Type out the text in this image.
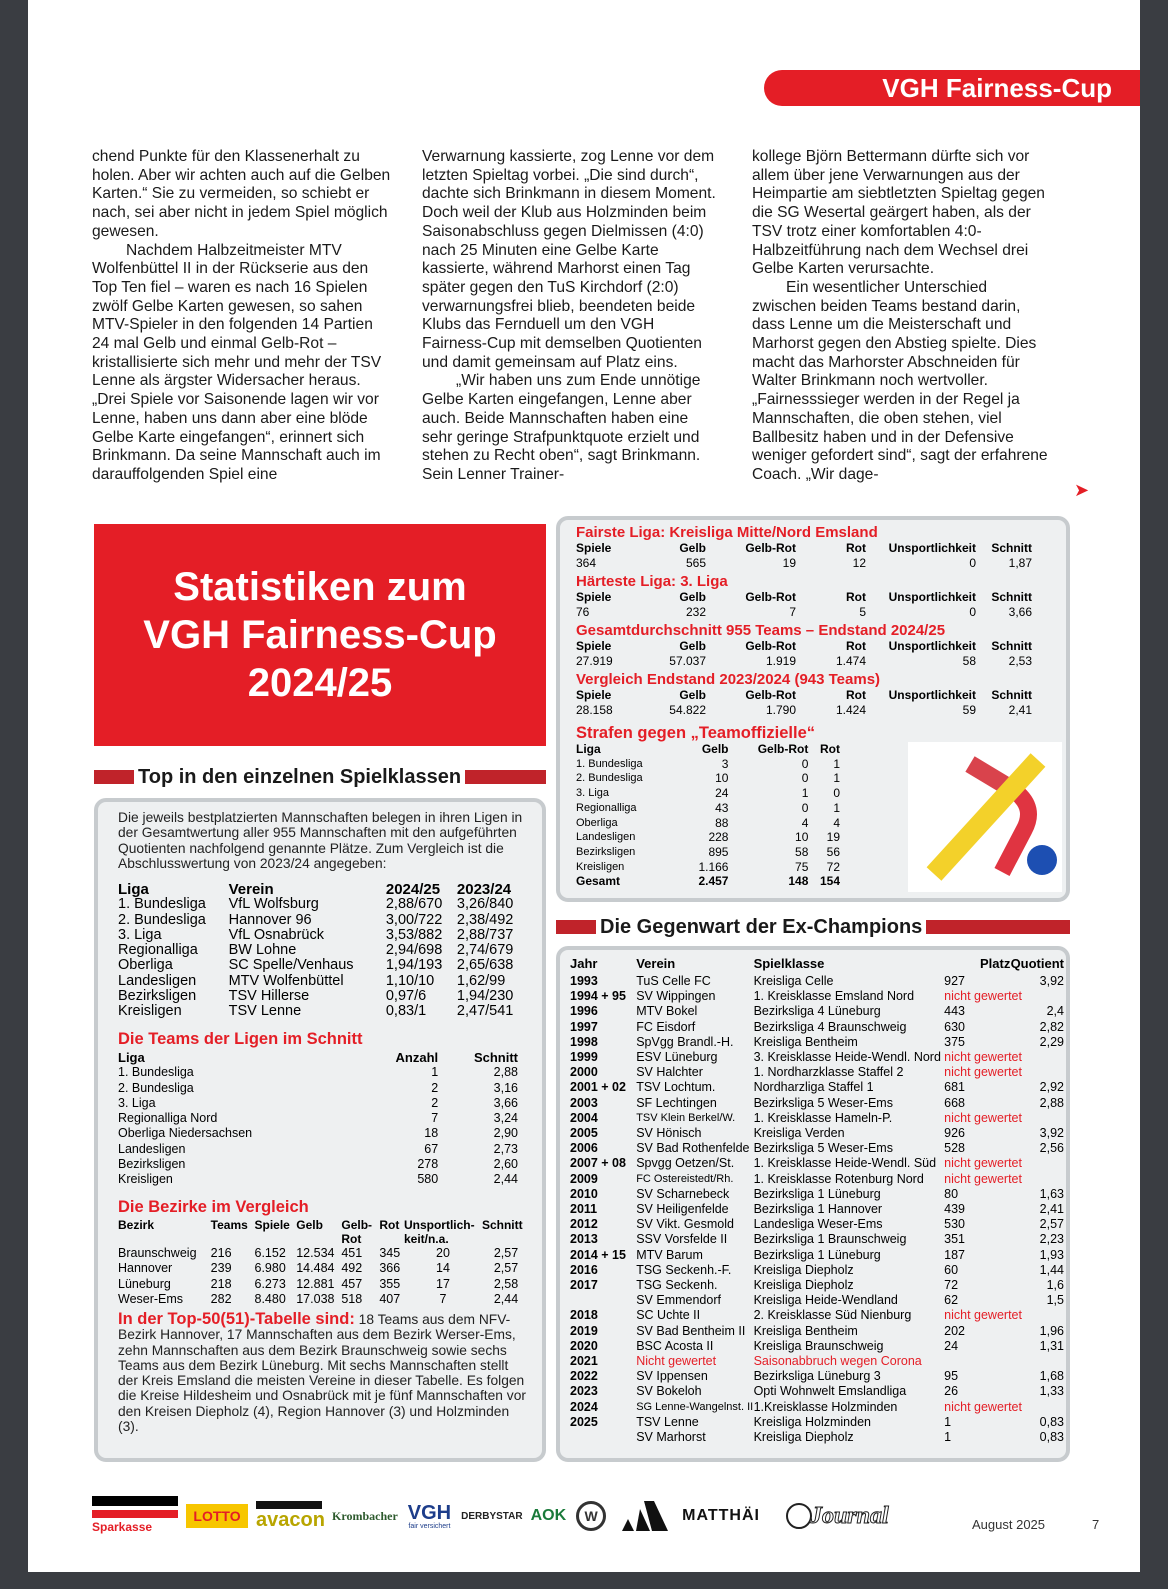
VGH Fairness-Cup

chend Punkte für den Klassenerhalt zu holen. Aber wir achten auch auf die Gelben Karten.“ Sie zu vermeiden, so schiebt er nach, sei aber nicht in jedem Spiel möglich gewesen.

Nachdem Halbzeitmeister MTV Wolfenbüttel II in der Rückserie aus den Top Ten fiel – waren es nach 16 Spielen zwölf Gelbe Karten gewesen, so sahen MTV-Spieler in den folgenden 14 Partien 24 mal Gelb und einmal Gelb-Rot – kristallisierte sich mehr und mehr der TSV Lenne als ärgster Widersacher heraus. „Drei Spiele vor Saisonende lagen wir vor Lenne, haben uns dann aber eine blöde Gelbe Karte eingefangen“, erinnert sich Brinkmann. Da seine Mannschaft auch im darauffolgenden Spiel eine

Verwarnung kassierte, zog Lenne vor dem letzten Spieltag vorbei. „Die sind durch“, dachte sich Brinkmann in diesem Moment. Doch weil der Klub aus Holzminden beim Saisonabschluss gegen Dielmissen (4:0) nach 25 Minuten eine Gelbe Karte kassierte, während Marhorst einen Tag später gegen den TuS Kirchdorf (2:0) verwarnungsfrei blieb, beendeten beide Klubs das Fernduell um den VGH Fairness-Cup mit demselben Quotienten und damit gemeinsam auf Platz eins.

„Wir haben uns zum Ende unnötige Gelbe Karten eingefangen, Lenne aber auch. Beide Mannschaften haben eine sehr geringe Strafpunktquote erzielt und stehen zu Recht oben“, sagt Brinkmann. Sein Lenner Trainer-

kollege Björn Bettermann dürfte sich vor allem über jene Verwarnungen aus der Heimpartie am siebtletzten Spieltag gegen die SG Wesertal geärgert haben, als der TSV trotz einer komfortablen 4:0-Halbzeitführung nach dem Wechsel drei Gelbe Karten verursachte.

Ein wesentlicher Unterschied zwischen beiden Teams bestand darin, dass Lenne um die Meisterschaft und Marhorst gegen den Abstieg spielte. Dies macht das Marhorster Abschneiden für Walter Brinkmann noch wertvoller. „Fairnesssieger werden in der Regel ja Mannschaften, die oben stehen, viel Ballbesitz haben und in der Defensive weniger gefordert sind“, sagt der erfahrene Coach. „Wir dage-

➤
Statistiken zum
VGH Fairness-Cup
2024/25
Top in den einzelnen Spielklassen
Die jeweils bestplatzierten Mannschaften belegen in ihren Ligen in der Gesamtwertung aller 955 Mannschaften mit den aufgeführten Quotienten nachfolgend genannte Plätze. Zum Vergleich ist die Abschlusswertung von 2023/24 angegeben:
Liga	Verein	2024/25	2023/24
1. Bundesliga	VfL Wolfsburg	2,88/670	3,26/840
2. Bundesliga	Hannover 96	3,00/722	2,38/492
3. Liga	VfL Osnabrück	3,53/882	2,88/737
Regionalliga	BW Lohne	2,94/698	2,74/679
Oberliga	SC Spelle/Venhaus	1,94/193	2,65/638
Landesligen	MTV Wolfenbüttel	1,10/10	1,62/99
Bezirksligen	TSV Hillerse	0,97/6	1,94/230
Kreisligen	TSV Lenne	0,83/1	2,47/541
Die Teams der Ligen im Schnitt
Liga	Anzahl	Schnitt
1. Bundesliga	1	2,88
2. Bundesliga	2	3,16
3. Liga	2	3,66
Regionalliga Nord	7	3,24
Oberliga Niedersachsen	18	2,90
Landesligen	67	2,73
Bezirksligen	278	2,60
Kreisligen	580	2,44
Die Bezirke im Vergleich
Bezirk	Teams	Spiele	Gelb	Gelb-Rot	Rot	Unsportlich-keit/n.a.	Schnitt
Braunschweig	216	6.152	12.534	451	345	20	2,57
Hannover	239	6.980	14.484	492	366	14	2,57
Lüneburg	218	6.273	12.881	457	355	17	2,58
Weser-Ems	282	8.480	17.038	518	407	7	2,44
In der Top-50(51)-Tabelle sind: 18 Teams aus dem NFV-Bezirk Hannover, 17 Mannschaften aus dem Bezirk Werser-Ems, zehn Mannschaften aus dem Bezirk Braunschweig sowie sechs Teams aus dem Bezirk Lüneburg. Mit sechs Mannschaften stellt der Kreis Emsland die meisten Vereine in dieser Tabelle. Es folgen die Kreise Hildesheim und Osnabrück mit je fünf Mannschaften vor den Kreisen Diepholz (4), Region Hannover (3) und Holzminden (3).
Fairste Liga: Kreisliga Mitte/Nord Emsland
Spiele	Gelb	Gelb-Rot	Rot	Unsportlichkeit	Schnitt
364	565	19	12	0	1,87
Härteste Liga: 3. Liga
Spiele	Gelb	Gelb-Rot	Rot	Unsportlichkeit	Schnitt
76	232	7	5	0	3,66
Gesamtdurchschnitt 955 Teams – Endstand 2024/25
Spiele	Gelb	Gelb-Rot	Rot	Unsportlichkeit	Schnitt
27.919	57.037	1.919	1.474	58	2,53
Vergleich Endstand 2023/2024 (943 Teams)
Spiele	Gelb	Gelb-Rot	Rot	Unsportlichkeit	Schnitt
28.158	54.822	1.790	1.424	59	2,41
Strafen gegen „Teamoffizielle“
Liga	Gelb	Gelb-Rot	Rot
1. Bundesliga	3	0	1
2. Bundesliga	10	0	1
3. Liga	24	1	0
Regionalliga	43	0	1
Oberliga	88	4	4
Landesligen	228	10	19
Bezirksligen	895	58	56
Kreisligen	1.166	75	72
Gesamt	2.457	148	154
Die Gegenwart der Ex-Champions
Jahr	Verein	Spielklasse	Platz	Quotient
1993	TuS Celle FC	Kreisliga Celle	927	3,92
1994 + 95	SV Wippingen	1. Kreisklasse Emsland Nord	nicht gewertet	
1996	MTV Bokel	Bezirksliga 4 Lüneburg	443	2,4
1997	FC Eisdorf	Bezirksliga 4 Braunschweig	630	2,82
1998	SpVgg Brandl.-H.	Kreisliga Bentheim	375	2,29
1999	ESV Lüneburg	3. Kreisklasse Heide-Wendl. Nord	nicht gewertet	
2000	SV Halchter	1. Nordharzklasse Staffel 2	nicht gewertet	
2001 + 02	TSV Lochtum.	Nordharzliga Staffel 1	681	2,92
2003	SF Lechtingen	Bezirksliga 5 Weser-Ems	668	2,88
2004	TSV Klein Berkel/W.	1. Kreisklasse Hameln-P.	nicht gewertet	
2005	SV Hönisch	Kreisliga Verden	926	3,92
2006	SV Bad Rothenfelde	Bezirksliga 5 Weser-Ems	528	2,56
2007 + 08	Spvgg Oetzen/St.	1. Kreisklasse Heide-Wendl. Süd	nicht gewertet	
2009	FC Ostereistedt/Rh.	1. Kreisklasse Rotenburg Nord	nicht gewertet	
2010	SV Scharnebeck	Bezirksliga 1 Lüneburg	80	1,63
2011	SV Heiligenfelde	Bezirksliga 1 Hannover	439	2,41
2012	SV Vikt. Gesmold	Landesliga Weser-Ems	530	2,57
2013	SSV Vorsfelde II	Bezirksliga 1 Braunschweig	351	2,23
2014 + 15	MTV Barum	Bezirksliga 1 Lüneburg	187	1,93
2016	TSG Seckenh.-F.	Kreisliga Diepholz	60	1,44
2017	TSG Seckenh.	Kreisliga Diepholz	72	1,6
	SV Emmendorf	Kreisliga Heide-Wendland	62	1,5
2018	SC Uchte II	2. Kreisklasse Süd Nienburg	nicht gewertet	
2019	SV Bad Bentheim II	Kreisliga Bentheim	202	1,96
2020	BSC Acosta II	Kreisliga Braunschweig	24	1,31
2021	Nicht gewertet	Saisonabbruch wegen Corona		
2022	SV Ippensen	Bezirksliga Lüneburg 3	95	1,68
2023	SV Bokeloh	Opti Wohnwelt Emslandliga	26	1,33
2024	SG Lenne-Wangelnst. II	1.Kreisklasse Holzminden	nicht gewertet	
2025	TSV Lenne	Kreisliga Holzminden	1	0,83
	SV Marhorst	Kreisliga Diepholz	1	0,83
Sparkasse
LOTTO avacon Krombacher VGH
fair versichert
DERBYSTAR AOK	W	MATTHÄI Journal	August 2025	7
